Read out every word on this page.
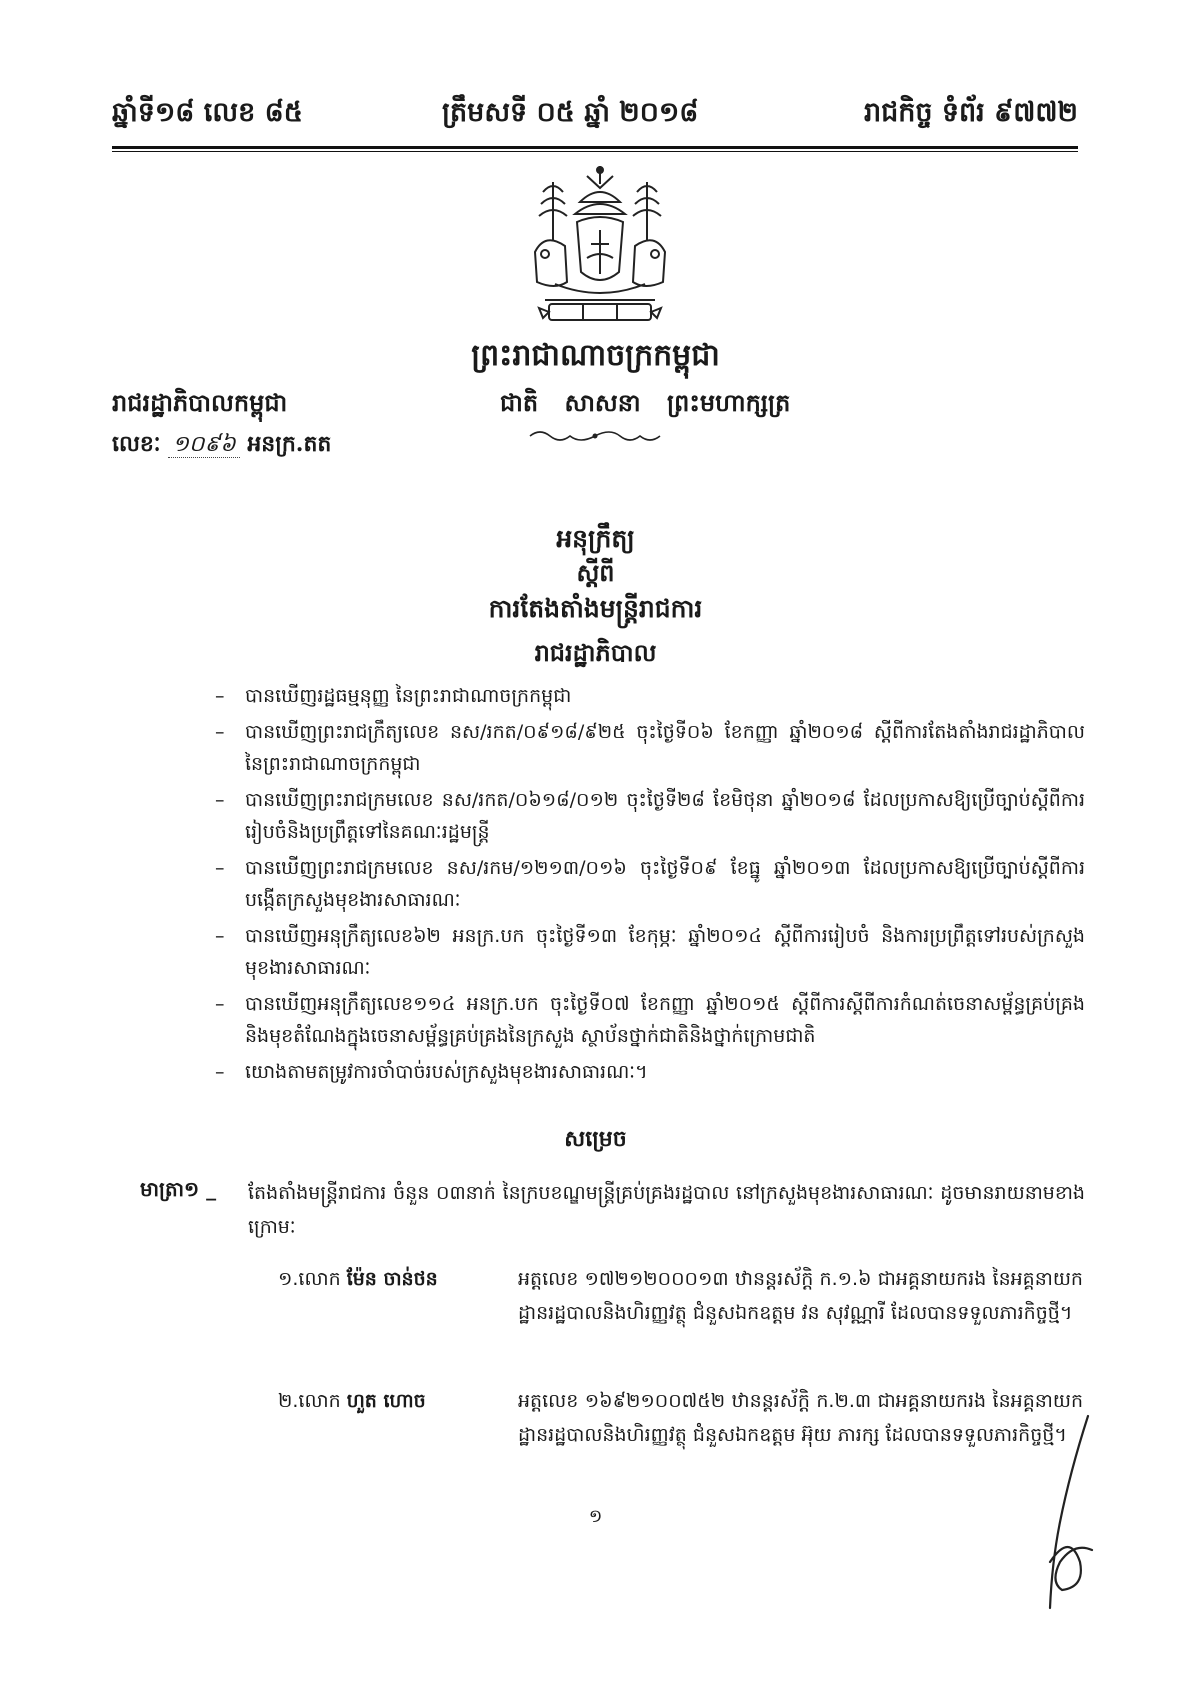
ឆ្នាំទី១៨ លេខ ៨៥	ត្រឹមសទី ០៥ ឆ្នាំ ២០១៨	រាជកិច្ច ទំព័រ ៩៧៧២
ព្រះរាជាណាចក្រកម្ពុជា
រាជរដ្ឋាភិបាលកម្ពុជា	ជាតិ សាសនា ព្រះមហាក្សត្រ
លេខៈ ១០៩៦ អនក្រ.តត
អនុក្រឹត្យ
ស្ដីពី
ការតែងតាំងមន្ត្រីរាជការ
រាជរដ្ឋាភិបាល
– បានឃើញរដ្ឋធម្មនុញ្ញ នៃព្រះរាជាណាចក្រកម្ពុជា
– បានឃើញព្រះរាជក្រឹត្យលេខ នស/រកត/០៩១៨/៩២៥ ចុះថ្ងៃទី០៦ ខែកញ្ញា ឆ្នាំ២០១៨ ស្តីពីការតែងតាំងរាជរដ្ឋាភិបាល នៃព្រះរាជាណាចក្រកម្ពុជា
– បានឃើញព្រះរាជក្រមលេខ នស/រកត/០៦១៨/០១២ ចុះថ្ងៃទី២៨ ខែមិថុនា ឆ្នាំ២០១៨ ដែលប្រកាសឱ្យប្រើច្បាប់ស្តីពីការរៀបចំនិងប្រព្រឹត្តទៅនៃគណៈរដ្ឋមន្ត្រី
– បានឃើញព្រះរាជក្រមលេខ នស/រកម/១២១៣/០១៦ ចុះថ្ងៃទី០៩ ខែធ្នូ ឆ្នាំ២០១៣ ដែលប្រកាសឱ្យប្រើច្បាប់ស្តីពីការបង្កើតក្រសួងមុខងារសាធារណៈ
– បានឃើញអនុក្រឹត្យលេខ៦២ អនក្រ.បក ចុះថ្ងៃទី១៣ ខែកុម្ភៈ ឆ្នាំ២០១៤ ស្តីពីការរៀបចំ និងការប្រព្រឹត្តទៅរបស់ក្រសួងមុខងារសាធារណៈ
– បានឃើញអនុក្រឹត្យលេខ១១៤ អនក្រ.បក ចុះថ្ងៃទី០៧ ខែកញ្ញា ឆ្នាំ២០១៥ ស្តីពីការស្តីពីការកំណត់ចេនាសម្ព័ន្ធគ្រប់គ្រង និងមុខតំណែងក្នុងចេនាសម្ព័ន្ធគ្រប់គ្រងនៃក្រសួង ស្ថាប័នថ្នាក់ជាតិនិងថ្នាក់ក្រោមជាតិ
– យោងតាមតម្រូវការចាំបាច់របស់ក្រសួងមុខងារសាធារណៈ។
សម្រេច
មាត្រា១ _ តែងតាំងមន្ត្រីរាជការ ចំនួន ០៣នាក់ នៃក្របខណ្ឌមន្ត្រីគ្រប់គ្រងរដ្ឋបាល នៅក្រសួងមុខងារសាធារណៈ ដូចមានរាយនាមខាងក្រោមៈ
១.លោក ម៉ែន ចាន់ថន	អត្តលេខ ១៧២១២០០០១៣ ឋានន្តរស័ក្តិ ក.១.៦ ជាអគ្គនាយករង នៃអគ្គនាយកដ្ឋានរដ្ឋបាលនិងហិរញ្ញវត្ថុ ជំនួសឯកឧត្តម វន សុវណ្ណារី ដែលបានទទួលភារកិច្ចថ្មី។
២.លោក ហួត ហោច	អត្តលេខ ១៦៩២១០០៧៥២ ឋានន្តរស័ក្តិ ក.២.៣ ជាអគ្គនាយករង នៃអគ្គនាយកដ្ឋានរដ្ឋបាលនិងហិរញ្ញវត្ថុ ជំនួសឯកឧត្តម អ៊ុយ ភារក្ស ដែលបានទទួលភារកិច្ចថ្មី។
១
